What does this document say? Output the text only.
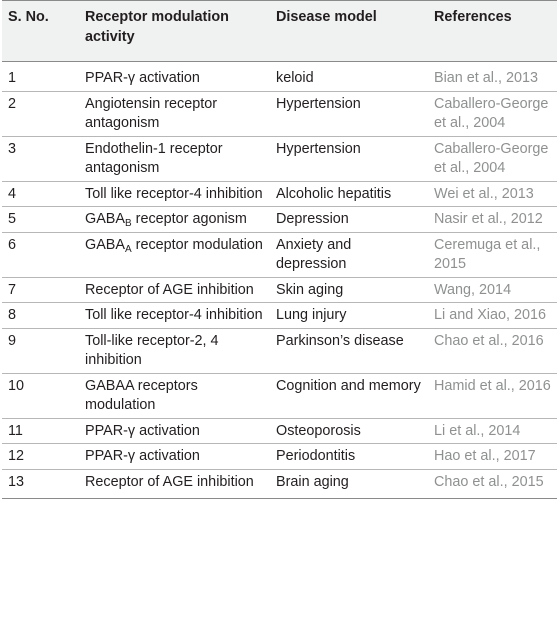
S. No.	Receptor modulation activity	Disease model	References
1	PPAR-γ activation	keloid	Bian et al., 2013
2	Angiotensin receptor antagonism	Hypertension	Caballero-George et al., 2004
3	Endothelin-1 receptor antagonism	Hypertension	Caballero-George et al., 2004
4	Toll like receptor-4 inhibition	Alcoholic hepatitis	Wei et al., 2013
5	$GABA_B$ receptor agonism	Depression	Nasir et al., 2012
6	$GABA_A$ receptor modulation	Anxiety and depression	Ceremuga et al., 2015
7	Receptor of AGE inhibition	Skin aging	Wang, 2014
8	Toll like receptor-4 inhibition	Lung injury	Li and Xiao, 2016
9	Toll-like receptor-2, 4 inhibition	Parkinson’s disease	Chao et al., 2016
10	GABAA receptors modulation	Cognition and memory	Hamid et al., 2016
11	PPAR-γ activation	Osteoporosis	Li et al., 2014
12	PPAR-γ activation	Periodontitis	Hao et al., 2017
13	Receptor of AGE inhibition	Brain aging	Chao et al., 2015
